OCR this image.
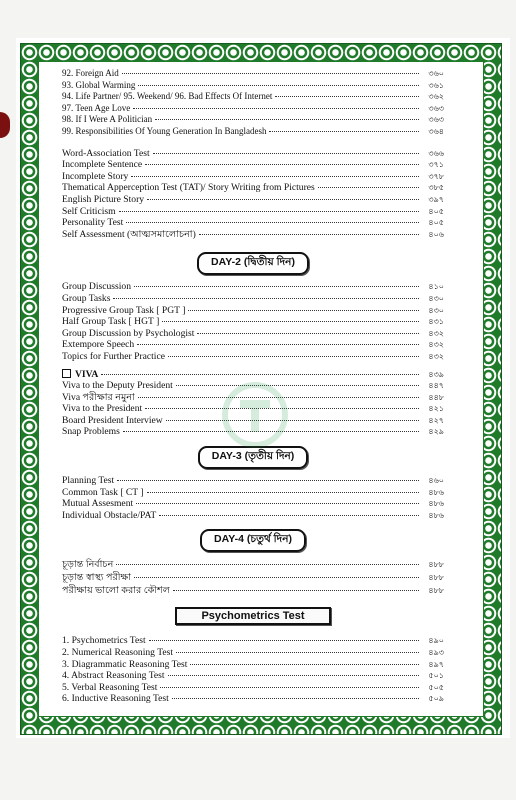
92. Foreign Aid	৩৬০
93. Global Warming	৩৬১
94. Life Partner/ 95. Weekend/ 96. Bad Effects Of Internet	৩৬২
97. Teen Age Love	৩৬৩
98. If I Were A Politician	৩৬৩
99. Responsibilities Of Young Generation In Bangladesh	৩৬৪
Word-Association Test	৩৬৬
Incomplete Sentence	৩৭১
Incomplete Story	৩৭৮
Thematical Apperception Test (TAT)/ Story Writing from Pictures	৩৮৫
English Picture Story	৩৯৭
Self Criticism	৪০৫
Personality Test	৪০৫
Self Assessment (আত্মসমালোচনা)	৪০৬
DAY-2 (দ্বিতীয় দিন)
Group Discussion	৪১০
Group Tasks	৪৩০
Progressive Group Task [ PGT ]	৪৩০
Half Group Task [ HGT ]	৪৩১
Group Discussion by Psychologist	৪৩২
Extempore Speech	৪৩২
Topics for Further Practice	৪৩২
VIVA	৪৩৯
Viva to the Deputy President	৪৪৭
Viva পরীক্ষার নমুনা	৪৪৮
Viva to the President	৪২১
Board President Interview	৪২৭
Snap Problems	৪২৯
DAY-3 (তৃতীয় দিন)
Planning Test	৪৬০
Common Task [ CT ]	৪৮৬
Mutual Assesment	৪৮৬
Individual Obstacle/PAT	৪৮৬
DAY-4 (চতুর্থ দিন)
চূড়ান্ত নির্বাচন	৪৮৮
চূড়ান্ত স্বাস্থ্য পরীক্ষা	৪৮৮
পরীক্ষায় ভালো করার কৌশল	৪৮৮
Psychometrics Test
1. Psychometrics Test	৪৯০
2. Numerical Reasoning Test	৪৯৩
3. Diagrammatic Reasoning Test	৪৯৭
4. Abstract Reasoning Test	৫০১
5. Verbal Reasoning Test	৫০৫
6. Inductive Reasoning Test	৫০৯
